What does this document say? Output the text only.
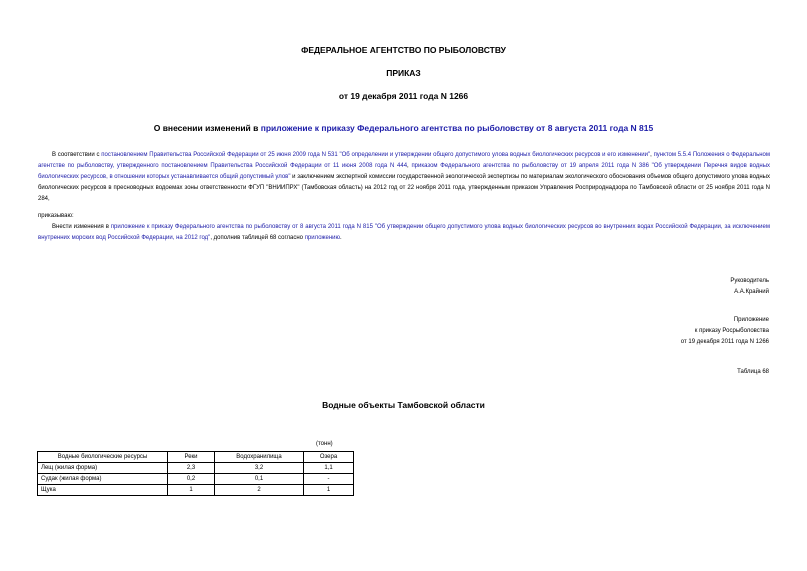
ФЕДЕРАЛЬНОЕ АГЕНТСТВО ПО РЫБОЛОВСТВУ
ПРИКАЗ
от 19 декабря 2011 года N 1266
О внесении изменений в приложение к приказу Федерального агентства по рыболовству от 8 августа 2011 года N 815
В соответствии с постановлением Правительства Российской Федерации от 25 июня 2009 года N 531 "Об определении и утверждении общего допустимого улова водных биологических ресурсов и его изменении", пунктом 5.5.4 Положения о Федеральном агентстве по рыболовству, утвержденного постановлением Правительства Российской Федерации от 11 июня 2008 года N 444, приказом Федерального агентства по рыболовству от 19 апреля 2011 года N 386 "Об утверждении Перечня видов водных биологических ресурсов, в отношении которых устанавливается общий допустимый улов" и заключением экспертной комиссии государственной экологической экспертизы по материалам экологического обоснования объемов общего допустимого улова водных биологических ресурсов в пресноводных водоемах зоны ответственности ФГУП "ВНИИПРХ" (Тамбовская область) на 2012 год от 22 ноября 2011 года, утвержденным приказом Управления Росприроднадзора по Тамбовской области от 25 ноября 2011 года N 284,
приказываю:
Внести изменения в приложение к приказу Федерального агентства по рыболовству от 8 августа 2011 года N 815 "Об утверждении общего допустимого улова водных биологических ресурсов во внутренних водах Российской Федерации, за исключением внутренних морских вод Российской Федерации, на 2012 год", дополнив таблицей 68 согласно приложению.
Руководитель
А.А.Крайний
Приложение
к приказу Росрыболовства
от 19 декабря 2011 года N 1266
Таблица 68
Водные объекты Тамбовской области
(тонн)
Водные биологические ресурсы	Реки	Водохранилища	Озера
Лещ (жилая форма)	2,3	3,2	1,1
Судак (жилая форма)	0,2	0,1	-
Щука	1	2	1
